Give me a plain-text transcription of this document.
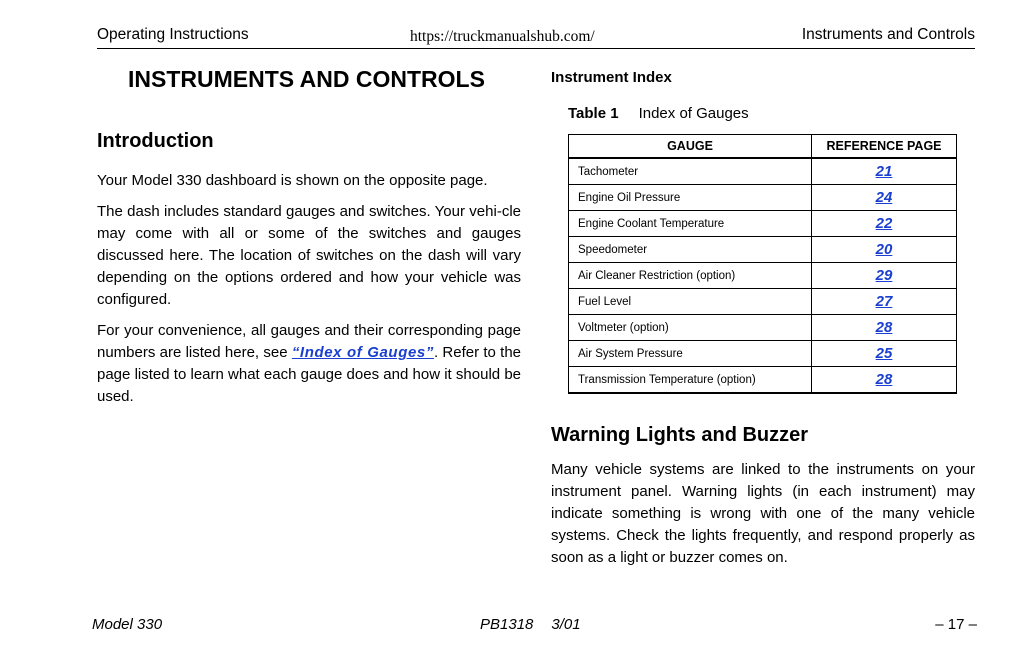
Operating Instructions	https://truckmanualshub.com/	Instruments and Controls
INSTRUMENTS AND CONTROLS
Introduction

Your Model 330 dashboard is shown on the opposite page.

The dash includes standard gauges and switches. Your vehi-cle may come with all or some of the switches and gauges discussed here. The location of switches on the dash will vary depending on the options ordered and how your vehicle was configured.

For your convenience, all gauges and their corresponding page numbers are listed here, see “Index of Gauges”. Refer to the page listed to learn what each gauge does and how it should be used.

Instrument Index
Table 1 Index of Gauges
GAUGE	REFERENCE PAGE
Tachometer	21
Engine Oil Pressure	24
Engine Coolant Temperature	22
Speedometer	20
Air Cleaner Restriction (option)	29
Fuel Level	27
Voltmeter (option)	28
Air System Pressure	25
Transmission Temperature (option)	28
Warning Lights and Buzzer

Many vehicle systems are linked to the instruments on your instrument panel. Warning lights (in each instrument) may indicate something is wrong with one of the many vehicle systems. Check the lights frequently, and respond properly as soon as a light or buzzer comes on.

Model 330	PB1318 3/01	– 17 –
